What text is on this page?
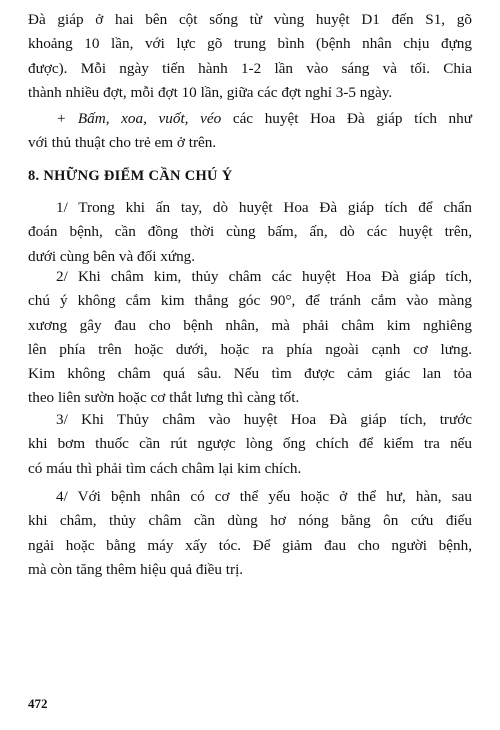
Đà giáp ở hai bên cột sống từ vùng huyệt D1 đến S1, gõ
khoảng 10 lần, với lực gõ trung bình (bệnh nhân chịu đựng
được). Mỗi ngày tiến hành 1-2 lần vào sáng và tối. Chia
thành nhiều đợt, mỗi đợt 10 lần, giữa các đợt nghỉ 3-5 ngày.
+ Bấm, xoa, vuốt, véo các huyệt Hoa Đà giáp tích như
với thủ thuật cho trẻ em ở trên.
8. NHỮNG ĐIỂM CẦN CHÚ Ý
1/ Trong khi ấn tay, dò huyệt Hoa Đà giáp tích để chẩn
đoán bệnh, cần đồng thời cùng bấm, ấn, dò các huyệt trên,
dưới cùng bên và đối xứng.
2/ Khi châm kim, thủy châm các huyệt Hoa Đà giáp tích,
chú ý không cắm kim thẳng góc 90°, để tránh cắm vào màng
xương gây đau cho bệnh nhân, mà phải châm kim nghiêng
lên phía trên hoặc dưới, hoặc ra phía ngoài cạnh cơ lưng.
Kim không châm quá sâu. Nếu tìm được cảm giác lan tỏa
theo liên sườn hoặc cơ thắt lưng thì càng tốt.
3/ Khi Thủy châm vào huyệt Hoa Đà giáp tích, trước
khi bơm thuốc cần rút ngược lòng ống chích để kiểm tra nếu
có máu thì phải tìm cách châm lại kim chích.
4/ Với bệnh nhân có cơ thể yếu hoặc ở thể hư, hàn, sau
khi châm, thủy châm cần dùng hơ nóng bằng ôn cứu điếu
ngải hoặc bằng máy xấy tóc. Để giảm đau cho người bệnh,
mà còn tăng thêm hiệu quả điều trị.
472
